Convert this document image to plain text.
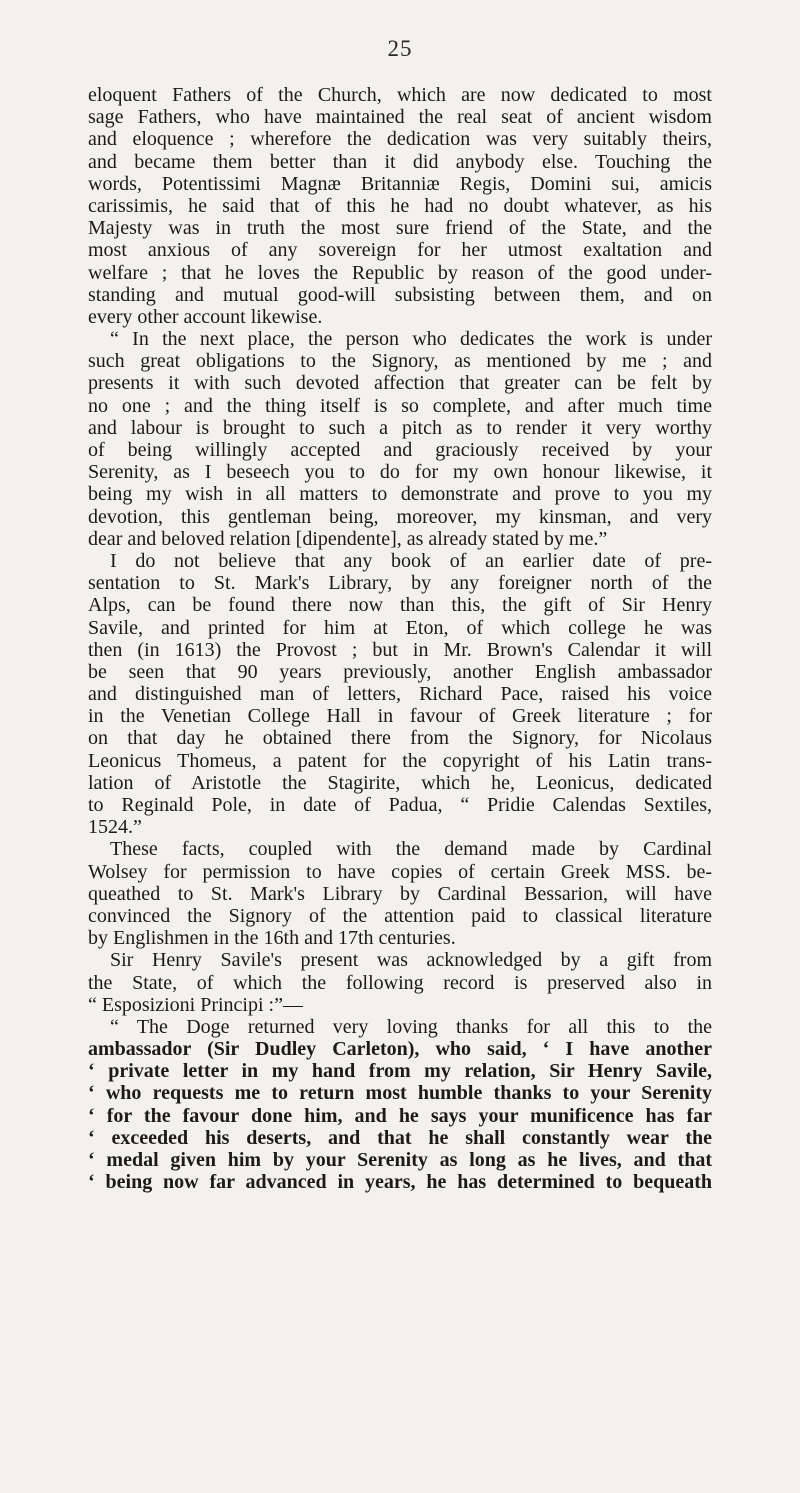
25
eloquent Fathers of the Church, which are now dedicated to most
sage Fathers, who have maintained the real seat of ancient wisdom
and eloquence ; wherefore the dedication was very suitably theirs,
and became them better than it did anybody else. Touching the
words, Potentissimi Magnæ Britanniæ Regis, Domini sui, amicis
carissimis, he said that of this he had no doubt whatever, as his
Majesty was in truth the most sure friend of the State, and the
most anxious of any sovereign for her utmost exaltation and
welfare ; that he loves the Republic by reason of the good under-
standing and mutual good-will subsisting between them, and on
every other account likewise.
“ In the next place, the person who dedicates the work is under
such great obligations to the Signory, as mentioned by me ; and
presents it with such devoted affection that greater can be felt by
no one ; and the thing itself is so complete, and after much time
and labour is brought to such a pitch as to render it very worthy
of being willingly accepted and graciously received by your
Serenity, as I beseech you to do for my own honour likewise, it
being my wish in all matters to demonstrate and prove to you my
devotion, this gentleman being, moreover, my kinsman, and very
dear and beloved relation [dipendente], as already stated by me.”
I do not believe that any book of an earlier date of pre-
sentation to St. Mark's Library, by any foreigner north of the
Alps, can be found there now than this, the gift of Sir Henry
Savile, and printed for him at Eton, of which college he was
then (in 1613) the Provost ; but in Mr. Brown's Calendar it will
be seen that 90 years previously, another English ambassador
and distinguished man of letters, Richard Pace, raised his voice
in the Venetian College Hall in favour of Greek literature ; for
on that day he obtained there from the Signory, for Nicolaus
Leonicus Thomeus, a patent for the copyright of his Latin trans-
lation of Aristotle the Stagirite, which he, Leonicus, dedicated
to Reginald Pole, in date of Padua, “ Pridie Calendas Sextiles,
1524.”
These facts, coupled with the demand made by Cardinal
Wolsey for permission to have copies of certain Greek MSS. be-
queathed to St. Mark's Library by Cardinal Bessarion, will have
convinced the Signory of the attention paid to classical literature
by Englishmen in the 16th and 17th centuries.
Sir Henry Savile's present was acknowledged by a gift from
the State, of which the following record is preserved also in
“ Esposizioni Principi :”—
“ The Doge returned very loving thanks for all this to the
ambassador (Sir Dudley Carleton), who said, ‘ I have another
‘ private letter in my hand from my relation, Sir Henry Savile,
‘ who requests me to return most humble thanks to your Serenity
‘ for the favour done him, and he says your munificence has far
‘ exceeded his deserts, and that he shall constantly wear the
‘ medal given him by your Serenity as long as he lives, and that
‘ being now far advanced in years, he has determined to bequeath
